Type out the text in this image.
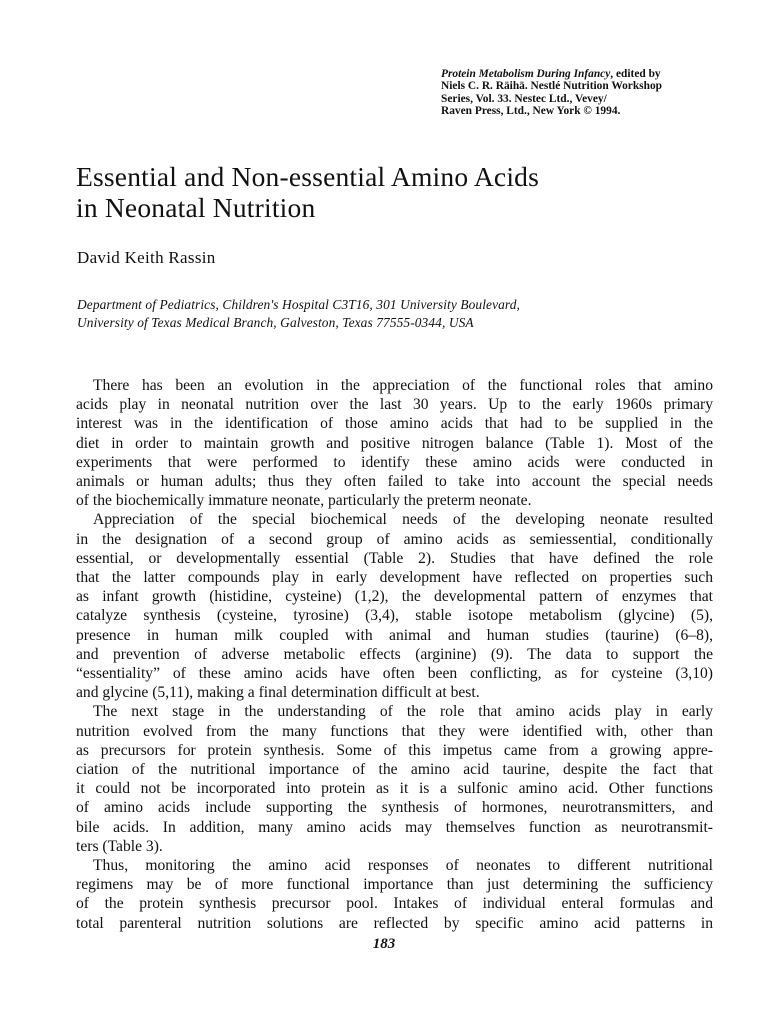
Protein Metabolism During Infancy, edited by
Niels C. R. Räihä. Nestlé Nutrition Workshop
Series, Vol. 33. Nestec Ltd., Vevey/
Raven Press, Ltd., New York © 1994.
Essential and Non-essential Amino Acids
in Neonatal Nutrition
David Keith Rassin
Department of Pediatrics, Children's Hospital C3T16, 301 University Boulevard,
University of Texas Medical Branch, Galveston, Texas 77555-0344, USA

There has been an evolution in the appreciation of the functional roles that amino
acids play in neonatal nutrition over the last 30 years. Up to the early 1960s primary
interest was in the identification of those amino acids that had to be supplied in the
diet in order to maintain growth and positive nitrogen balance (Table 1). Most of the
experiments that were performed to identify these amino acids were conducted in
animals or human adults; thus they often failed to take into account the special needs
of the biochemically immature neonate, particularly the preterm neonate.

Appreciation of the special biochemical needs of the developing neonate resulted
in the designation of a second group of amino acids as semiessential, conditionally
essential, or developmentally essential (Table 2). Studies that have defined the role
that the latter compounds play in early development have reflected on properties such
as infant growth (histidine, cysteine) (1,2), the developmental pattern of enzymes that
catalyze synthesis (cysteine, tyrosine) (3,4), stable isotope metabolism (glycine) (5),
presence in human milk coupled with animal and human studies (taurine) (6–8),
and prevention of adverse metabolic effects (arginine) (9). The data to support the
“essentiality” of these amino acids have often been conflicting, as for cysteine (3,10)
and glycine (5,11), making a final determination difficult at best.

The next stage in the understanding of the role that amino acids play in early
nutrition evolved from the many functions that they were identified with, other than
as precursors for protein synthesis. Some of this impetus came from a growing appre-
ciation of the nutritional importance of the amino acid taurine, despite the fact that
it could not be incorporated into protein as it is a sulfonic amino acid. Other functions
of amino acids include supporting the synthesis of hormones, neurotransmitters, and
bile acids. In addition, many amino acids may themselves function as neurotransmit-
ters (Table 3).

Thus, monitoring the amino acid responses of neonates to different nutritional
regimens may be of more functional importance than just determining the sufficiency
of the protein synthesis precursor pool. Intakes of individual enteral formulas and
total parenteral nutrition solutions are reflected by specific amino acid patterns in

183
